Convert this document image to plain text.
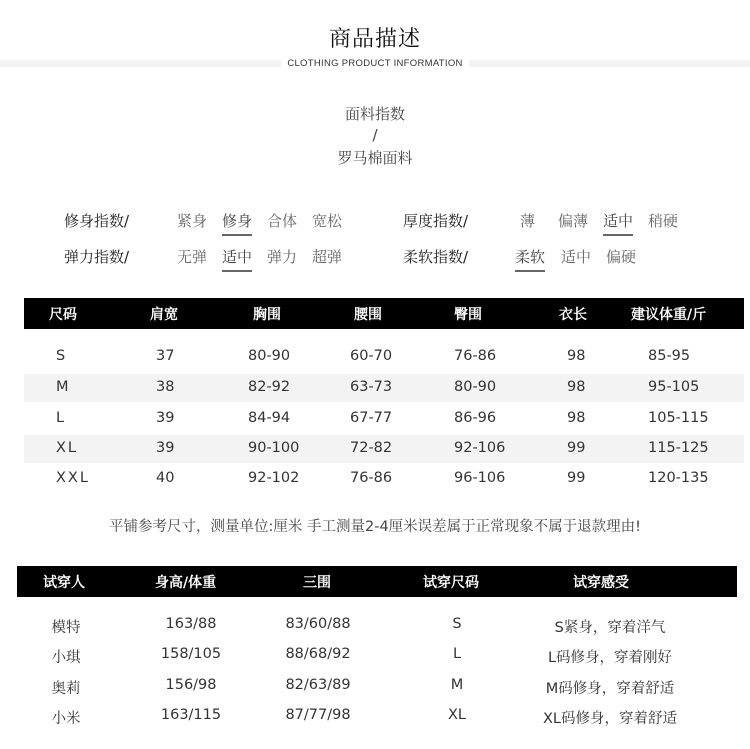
商品描述
CLOTHING PRODUCT INFORMATION
面料指数
/
罗马棉面料
修身指数/	紧身 修身 合体 宽松	厚度指数/	薄 偏薄 适中 稍硬
弹力指数/	无弹 适中 弹力 超弹	柔软指数/	柔软 适中 偏硬
尺码	肩宽	胸围	腰围	臀围	衣长	建议体重/斤
S	37	80-90	60-70	76-86	98	85-95
M	38	82-92	63-73	80-90	98	95-105
L	39	84-94	67-77	86-96	98	105-115
XL	39	90-100	72-82	92-106	99	115-125
XXL	40	92-102	76-86	96-106	99	120-135
平铺参考尺寸，测量单位:厘米 手工测量2-4厘米误差属于正常现象不属于退款理由!
试穿人	身高/体重	三围	试穿尺码	试穿感受
模特	163/88	83/60/88	S	S紧身，穿着洋气
小琪	158/105	88/68/92	L	L码修身，穿着刚好
奥莉	156/98	82/63/89	M	M码修身，穿着舒适
小米	163/115	87/77/98	XL	XL码修身，穿着舒适
